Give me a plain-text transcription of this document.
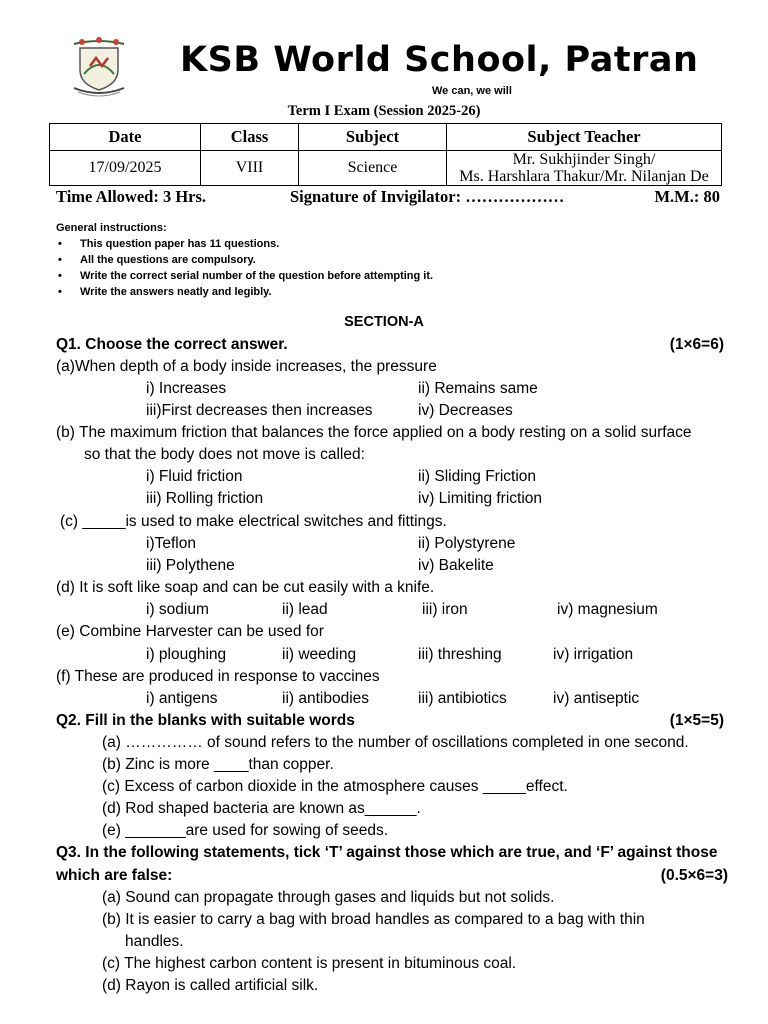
KSB World School, Patran
We can, we will
Term I Exam (Session 2025-26)
Date	Class	Subject	Subject Teacher
17/09/2025	VIII	Science	Mr. Sukhjinder Singh/
Ms. Harshlara Thakur/Mr. Nilanjan De
Time Allowed: 3 Hrs.	Signature of Invigilator: ………………	M.M.: 80
General instructions:
• This question paper has 11 questions.
• All the questions are compulsory.
• Write the correct serial number of the question before attempting it.
• Write the answers neatly and legibly.
SECTION-A
Q1. Choose the correct answer.	(1×6=6)
(a)When depth of a body inside increases, the pressure
i) Increases	ii) Remains same
iii)First decreases then increases	iv) Decreases
(b) The maximum friction that balances the force applied on a body resting on a solid surface
so that the body does not move is called:
i) Fluid friction	ii) Sliding Friction
iii) Rolling friction	iv) Limiting friction
(c) _____is used to make electrical switches and fittings.
i)Teflon	ii) Polystyrene
iii) Polythene	iv) Bakelite
(d) It is soft like soap and can be cut easily with a knife.
i) sodium	ii) lead	iii) iron	iv) magnesium
(e) Combine Harvester can be used for
i) ploughing	ii) weeding	iii) threshing	iv) irrigation
(f) These are produced in response to vaccines
i) antigens	ii) antibodies	iii) antibiotics	iv) antiseptic
Q2. Fill in the blanks with suitable words	(1×5=5)
(a) …………… of sound refers to the number of oscillations completed in one second.
(b) Zinc is more ____than copper.
(c) Excess of carbon dioxide in the atmosphere causes _____effect.
(d) Rod shaped bacteria are known as______.
(e) _______are used for sowing of seeds.
Q3. In the following statements, tick ‘T’ against those which are true, and ‘F’ against those
which are false:	(0.5×6=3)
(a) Sound can propagate through gases and liquids but not solids.
(b) It is easier to carry a bag with broad handles as compared to a bag with thin
handles.
(c) The highest carbon content is present in bituminous coal.
(d) Rayon is called artificial silk.
